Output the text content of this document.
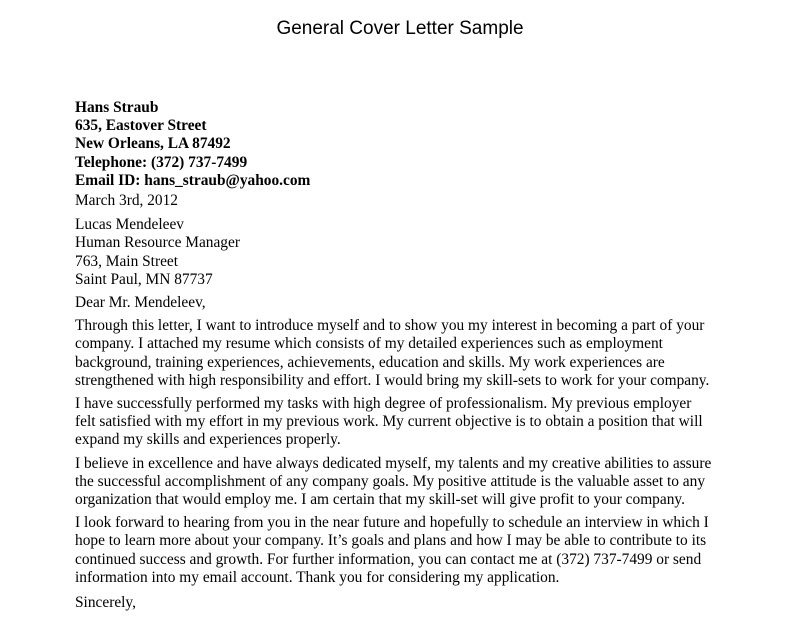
General Cover Letter Sample
Hans Straub
635, Eastover Street
New Orleans, LA 87492
Telephone: (372) 737-7499
Email ID: hans_straub@yahoo.com
March 3rd, 2012
Lucas Mendeleev
Human Resource Manager
763, Main Street
Saint Paul, MN 87737
Dear Mr. Mendeleev,
Through this letter, I want to introduce myself and to show you my interest in becoming a part of your
company. I attached my resume which consists of my detailed experiences such as employment
background, training experiences, achievements, education and skills. My work experiences are
strengthened with high responsibility and effort. I would bring my skill-sets to work for your company.
I have successfully performed my tasks with high degree of professionalism. My previous employer
felt satisfied with my effort in my previous work. My current objective is to obtain a position that will
expand my skills and experiences properly.
I believe in excellence and have always dedicated myself, my talents and my creative abilities to assure
the successful accomplishment of any company goals. My positive attitude is the valuable asset to any
organization that would employ me. I am certain that my skill-set will give profit to your company.
I look forward to hearing from you in the near future and hopefully to schedule an interview in which I
hope to learn more about your company. It’s goals and plans and how I may be able to contribute to its
continued success and growth. For further information, you can contact me at (372) 737-7499 or send
information into my email account. Thank you for considering my application.
Sincerely,
